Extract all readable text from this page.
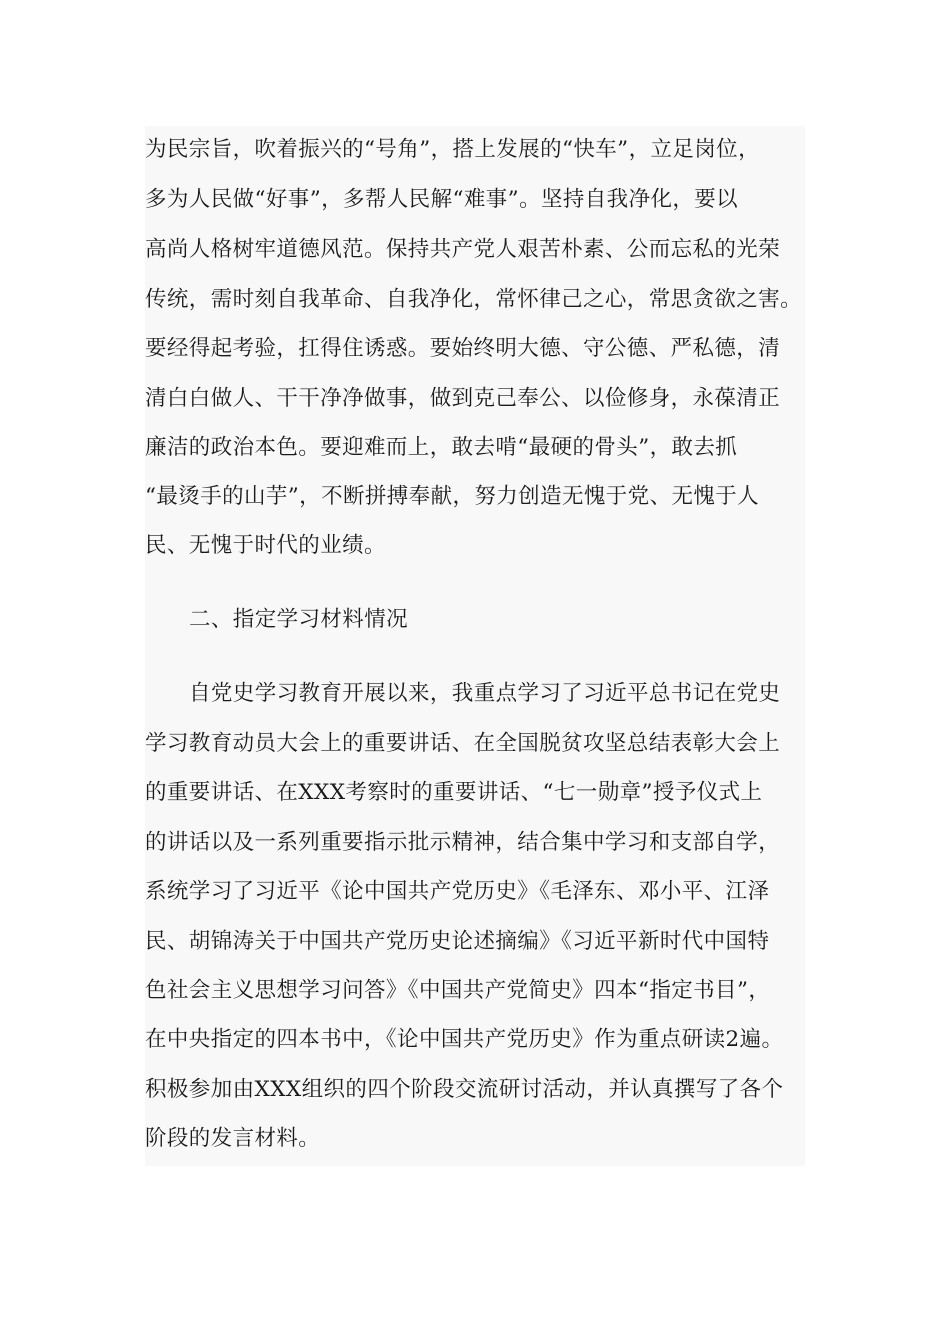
为民宗旨，吹着振兴的“号角”，搭上发展的“快车”，立足岗位，
多为人民做“好事”，多帮人民解“难事”。坚持自我净化，要以
高尚人格树牢道德风范。保持共产党人艰苦朴素、公而忘私的光荣
传统，需时刻自我革命、自我净化，常怀律己之心，常思贪欲之害。
要经得起考验，扛得住诱惑。要始终明大德、守公德、严私德，清
清白白做人、干干净净做事，做到克己奉公、以俭修身，永葆清正
廉洁的政治本色。要迎难而上，敢去啃“最硬的骨头”，敢去抓
“最烫手的山芋”，不断拼搏奉献，努力创造无愧于党、无愧于人
民、无愧于时代的业绩。
二、指定学习材料情况
自党史学习教育开展以来，我重点学习了习近平总书记在党史
学习教育动员大会上的重要讲话、在全国脱贫攻坚总结表彰大会上
的重要讲话、在XXX考察时的重要讲话、“七一勋章”授予仪式上
的讲话以及一系列重要指示批示精神，结合集中学习和支部自学，
系统学习了习近平《论中国共产党历史》《毛泽东、邓小平、江泽
民、胡锦涛关于中国共产党历史论述摘编》《习近平新时代中国特
色社会主义思想学习问答》《中国共产党简史》四本“指定书目”，
在中央指定的四本书中，《论中国共产党历史》作为重点研读2遍。
积极参加由XXX组织的四个阶段交流研讨活动，并认真撰写了各个
阶段的发言材料。
